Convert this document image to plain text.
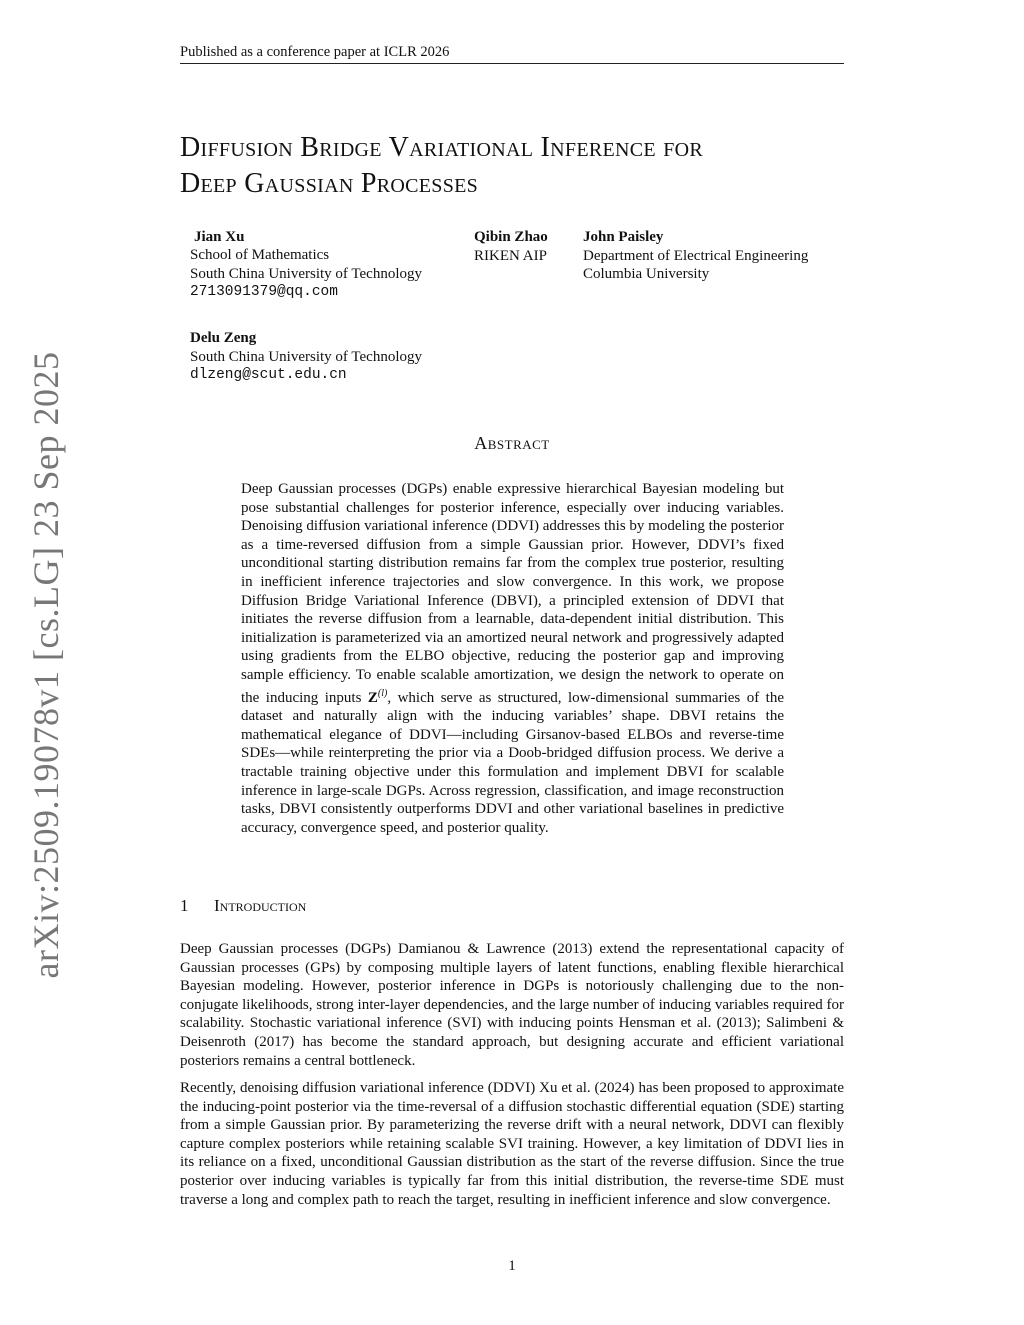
Published as a conference paper at ICLR 2026
Diffusion Bridge Variational Inference for
Deep Gaussian Processes
Jian Xu
School of Mathematics
South China University of Technology
2713091379@qq.com
Qibin Zhao
RIKEN AIP
John Paisley
Department of Electrical Engineering
Columbia University
Delu Zeng
South China University of Technology
dlzeng@scut.edu.cn
Abstract

Deep Gaussian processes (DGPs) enable expressive hierarchical Bayesian modeling but pose substantial challenges for posterior inference, especially over inducing variables. Denoising diffusion variational inference (DDVI) addresses this by modeling the posterior as a time-reversed diffusion from a simple Gaussian prior. However, DDVI’s fixed unconditional starting distribution remains far from the complex true posterior, resulting in inefficient inference trajectories and slow convergence. In this work, we propose Diffusion Bridge Variational Inference (DBVI), a principled extension of DDVI that initiates the reverse diffusion from a learnable, data-dependent initial distribution. This initialization is parameterized via an amortized neural network and progressively adapted using gradients from the ELBO objective, reducing the posterior gap and improving sample efficiency. To enable scalable amortization, we design the network to operate on the inducing inputs $Z^{(l)}$, which serve as structured, low-dimensional summaries of the dataset and naturally align with the inducing variables’ shape. DBVI retains the mathematical elegance of DDVI—including Girsanov-based ELBOs and reverse-time SDEs—while reinterpreting the prior via a Doob-bridged diffusion process. We derive a tractable training objective under this formulation and implement DBVI for scalable inference in large-scale DGPs. Across regression, classification, and image reconstruction tasks, DBVI consistently outperforms DDVI and other variational baselines in predictive accuracy, convergence speed, and posterior quality.

1 Introduction

Deep Gaussian processes (DGPs) Damianou & Lawrence (2013) extend the representational capacity of Gaussian processes (GPs) by composing multiple layers of latent functions, enabling flexible hierarchical Bayesian modeling. However, posterior inference in DGPs is notoriously challenging due to the non-conjugate likelihoods, strong inter-layer dependencies, and the large number of inducing variables required for scalability. Stochastic variational inference (SVI) with inducing points Hensman et al. (2013); Salimbeni & Deisenroth (2017) has become the standard approach, but designing accurate and efficient variational posteriors remains a central bottleneck.

Recently, denoising diffusion variational inference (DDVI) Xu et al. (2024) has been proposed to approximate the inducing-point posterior via the time-reversal of a diffusion stochastic differential equation (SDE) starting from a simple Gaussian prior. By parameterizing the reverse drift with a neural network, DDVI can flexibly capture complex posteriors while retaining scalable SVI training. However, a key limitation of DDVI lies in its reliance on a fixed, unconditional Gaussian distribution as the start of the reverse diffusion. Since the true posterior over inducing variables is typically far from this initial distribution, the reverse-time SDE must traverse a long and complex path to reach the target, resulting in inefficient inference and slow convergence.

arXiv:2509.19078v1 [cs.LG] 23 Sep 2025
1
